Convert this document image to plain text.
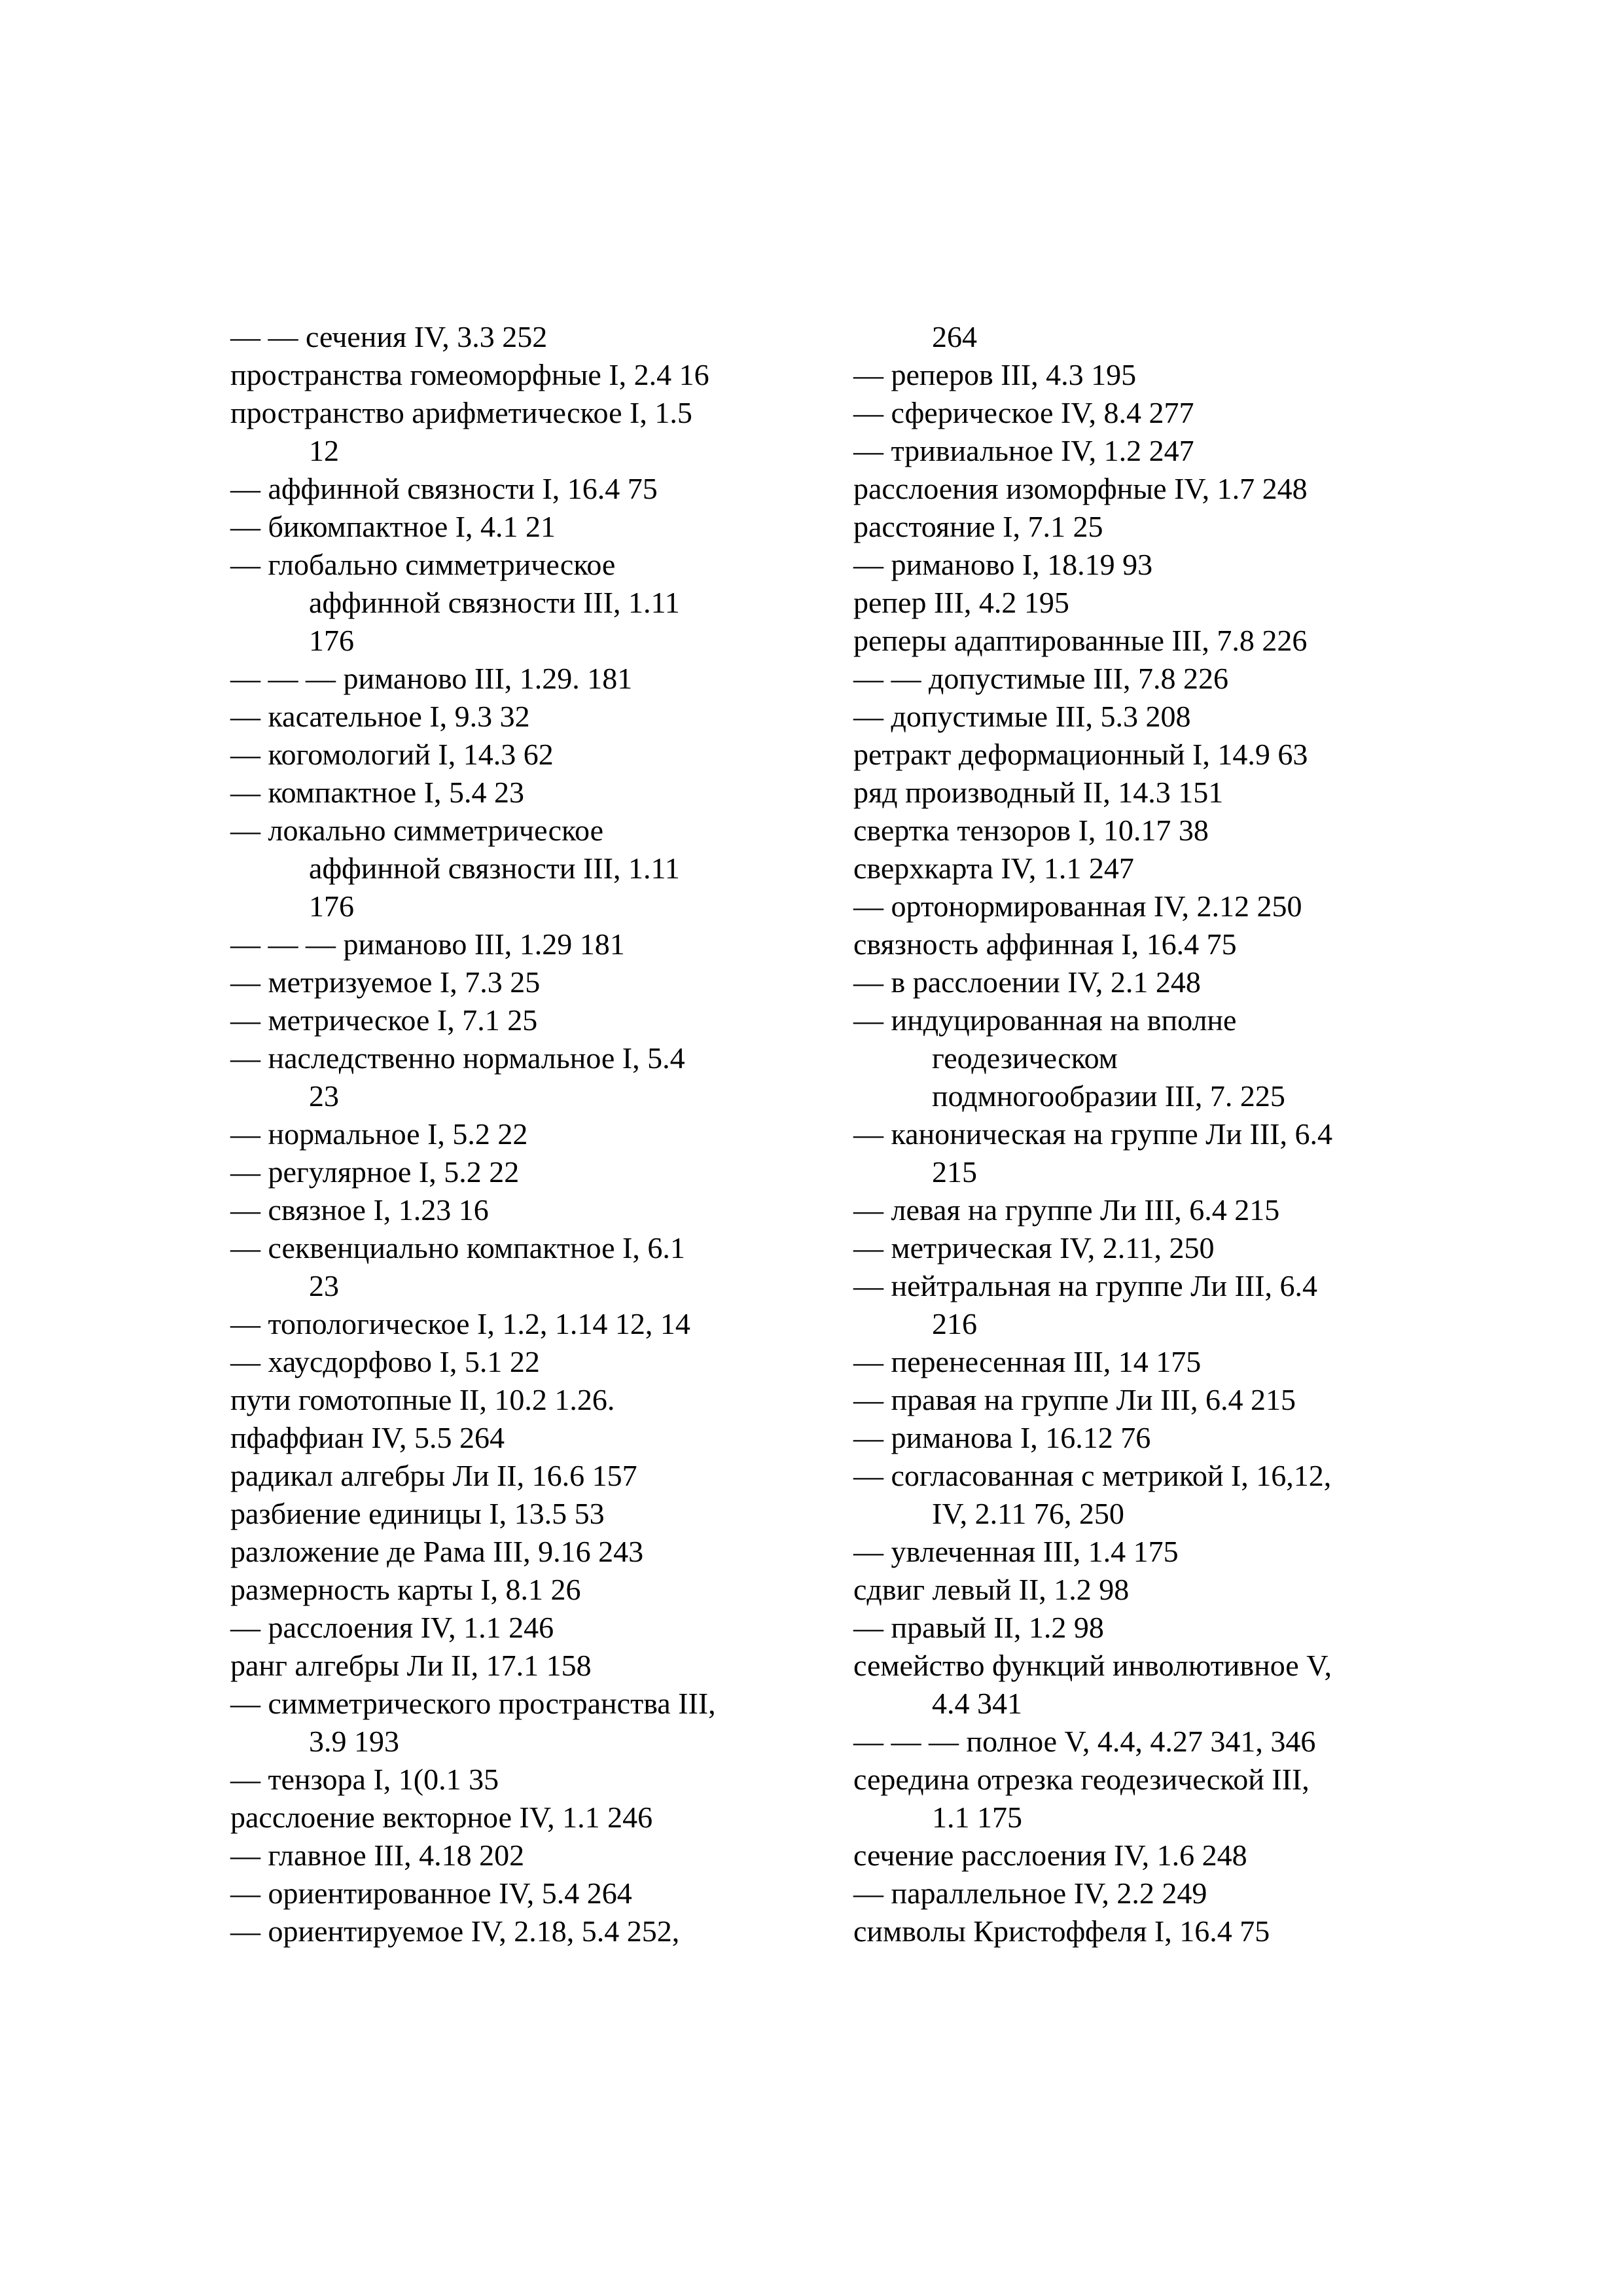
— — сечения IV, 3.3 252
пространства гомеоморфные I, 2.4 16
пространство арифметическое I, 1.5
12
— аффинной связности I, 16.4 75
— бикомпактное I, 4.1 21
— глобально симметрическое
аффинной связности III, 1.11
176
— — — риманово III, 1.29. 181
— касательное I, 9.3 32
— когомологий I, 14.3 62
— компактное I, 5.4 23
— локально симметрическое
аффинной связности III, 1.11
176
— — — риманово III, 1.29 181
— метризуемое I, 7.3 25
— метрическое I, 7.1 25
— наследственно нормальное I, 5.4
23
— нормальное I, 5.2 22
— регулярное I, 5.2 22
— связное I, 1.23 16
— секвенциально компактное I, 6.1
23
— топологическое I, 1.2, 1.14 12, 14
— хаусдорфово I, 5.1 22
пути гомотопные II, 10.2 1.26.
пфаффиан IV, 5.5 264
радикал алгебры Ли II, 16.6 157
разбиение единицы I, 13.5 53
разложение де Рама III, 9.16 243
размерность карты I, 8.1 26
— расслоения IV, 1.1 246
ранг алгебры Ли II, 17.1 158
— симметрического пространства III,
3.9 193
— тензора I, 1(0.1 35
расслоение векторное IV, 1.1 246
— главное III, 4.18 202
— ориентированное IV, 5.4 264
— ориентируемое IV, 2.18, 5.4 252,
264
— реперов III, 4.3 195
— сферическое IV, 8.4 277
— тривиальное IV, 1.2 247
расслоения изоморфные IV, 1.7 248
расстояние I, 7.1 25
— риманово I, 18.19 93
репер III, 4.2 195
реперы адаптированные III, 7.8 226
— — допустимые III, 7.8 226
— допустимые III, 5.3 208
ретракт деформационный I, 14.9 63
ряд производный II, 14.3 151
свертка тензоров I, 10.17 38
сверхкарта IV, 1.1 247
— ортонормированная IV, 2.12 250
связность аффинная I, 16.4 75
— в расслоении IV, 2.1 248
— индуцированная на вполне
геодезическом
подмногообразии III, 7. 225
— каноническая на группе Ли III, 6.4
215
— левая на группе Ли III, 6.4 215
— метрическая IV, 2.11, 250
— нейтральная на группе Ли III, 6.4
216
— перенесенная III, 14 175
— правая на группе Ли III, 6.4 215
— риманова I, 16.12 76
— согласованная с метрикой I, 16,12,
IV, 2.11 76, 250
— увлеченная III, 1.4 175
сдвиг левый II, 1.2 98
— правый II, 1.2 98
семейство функций инволютивное V,
4.4 341
— — — полное V, 4.4, 4.27 341, 346
середина отрезка геодезической III,
1.1 175
сечение расслоения IV, 1.6 248
— параллельное IV, 2.2 249
символы Кристоффеля I, 16.4 75
